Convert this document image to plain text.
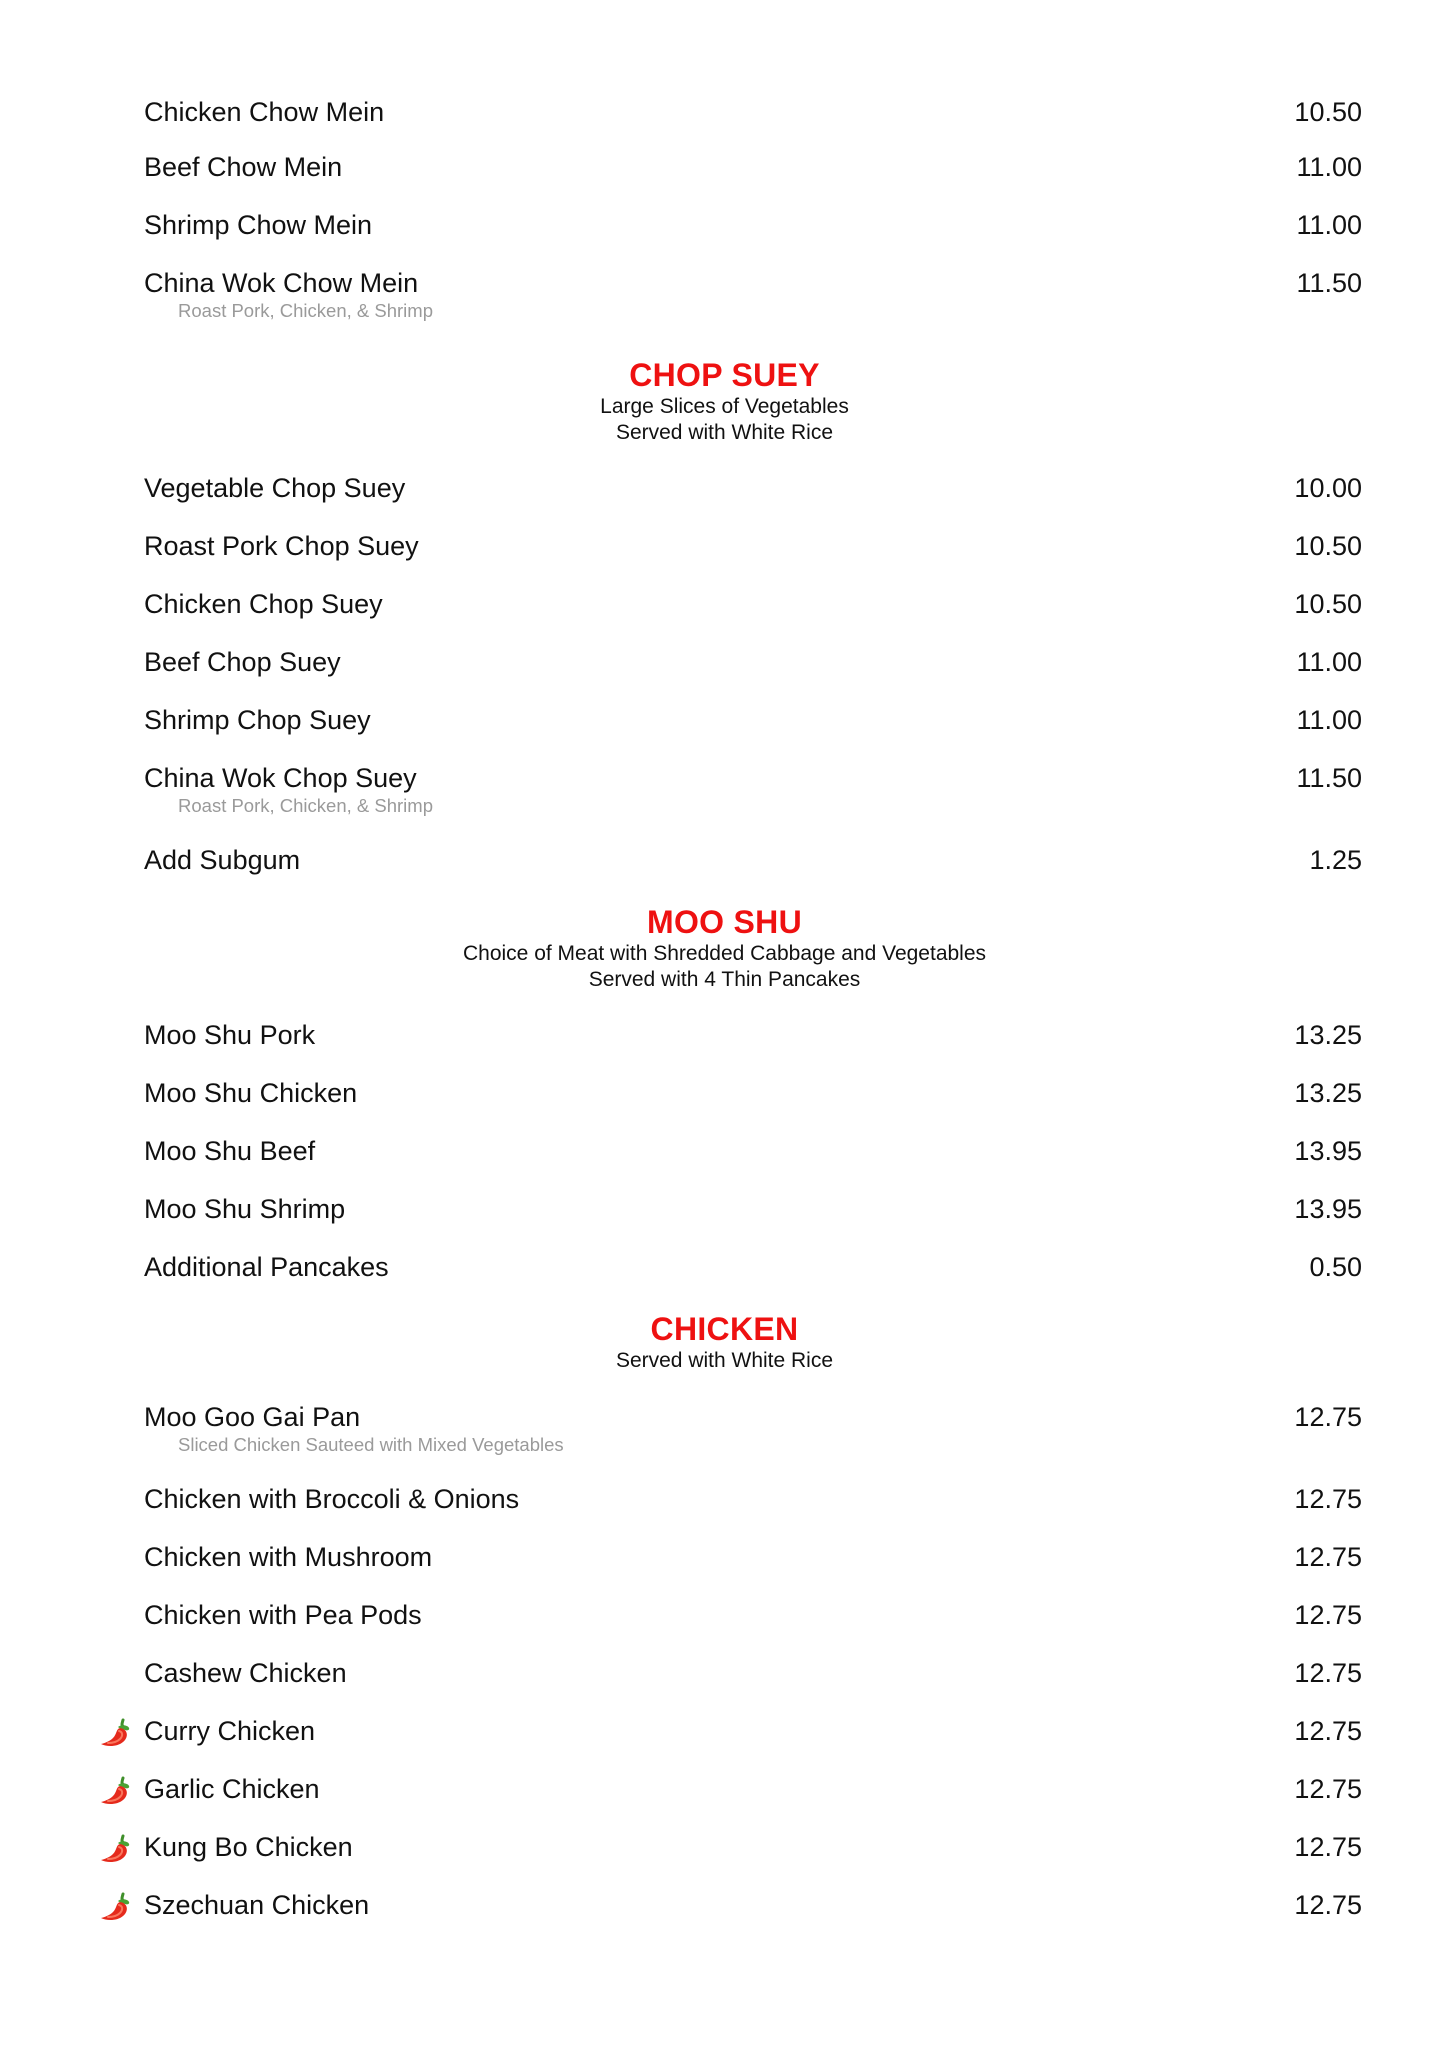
Chicken Chow Mein	10.50
Beef Chow Mein	11.00
Shrimp Chow Mein	11.00
China Wok Chow Mein	11.50
Roast Pork, Chicken, & Shrimp
CHOP SUEY
Large Slices of Vegetables
Served with White Rice
Vegetable Chop Suey	10.00
Roast Pork Chop Suey	10.50
Chicken Chop Suey	10.50
Beef Chop Suey	11.00
Shrimp Chop Suey	11.00
China Wok Chop Suey	11.50
Roast Pork, Chicken, & Shrimp
Add Subgum	1.25
MOO SHU
Choice of Meat with Shredded Cabbage and Vegetables
Served with 4 Thin Pancakes
Moo Shu Pork	13.25
Moo Shu Chicken	13.25
Moo Shu Beef	13.95
Moo Shu Shrimp	13.95
Additional Pancakes	0.50
CHICKEN
Served with White Rice
Moo Goo Gai Pan	12.75
Sliced Chicken Sauteed with Mixed Vegetables
Chicken with Broccoli & Onions	12.75
Chicken with Mushroom	12.75
Chicken with Pea Pods	12.75
Cashew Chicken	12.75
Curry Chicken	12.75
Garlic Chicken	12.75
Kung Bo Chicken	12.75
Szechuan Chicken	12.75
